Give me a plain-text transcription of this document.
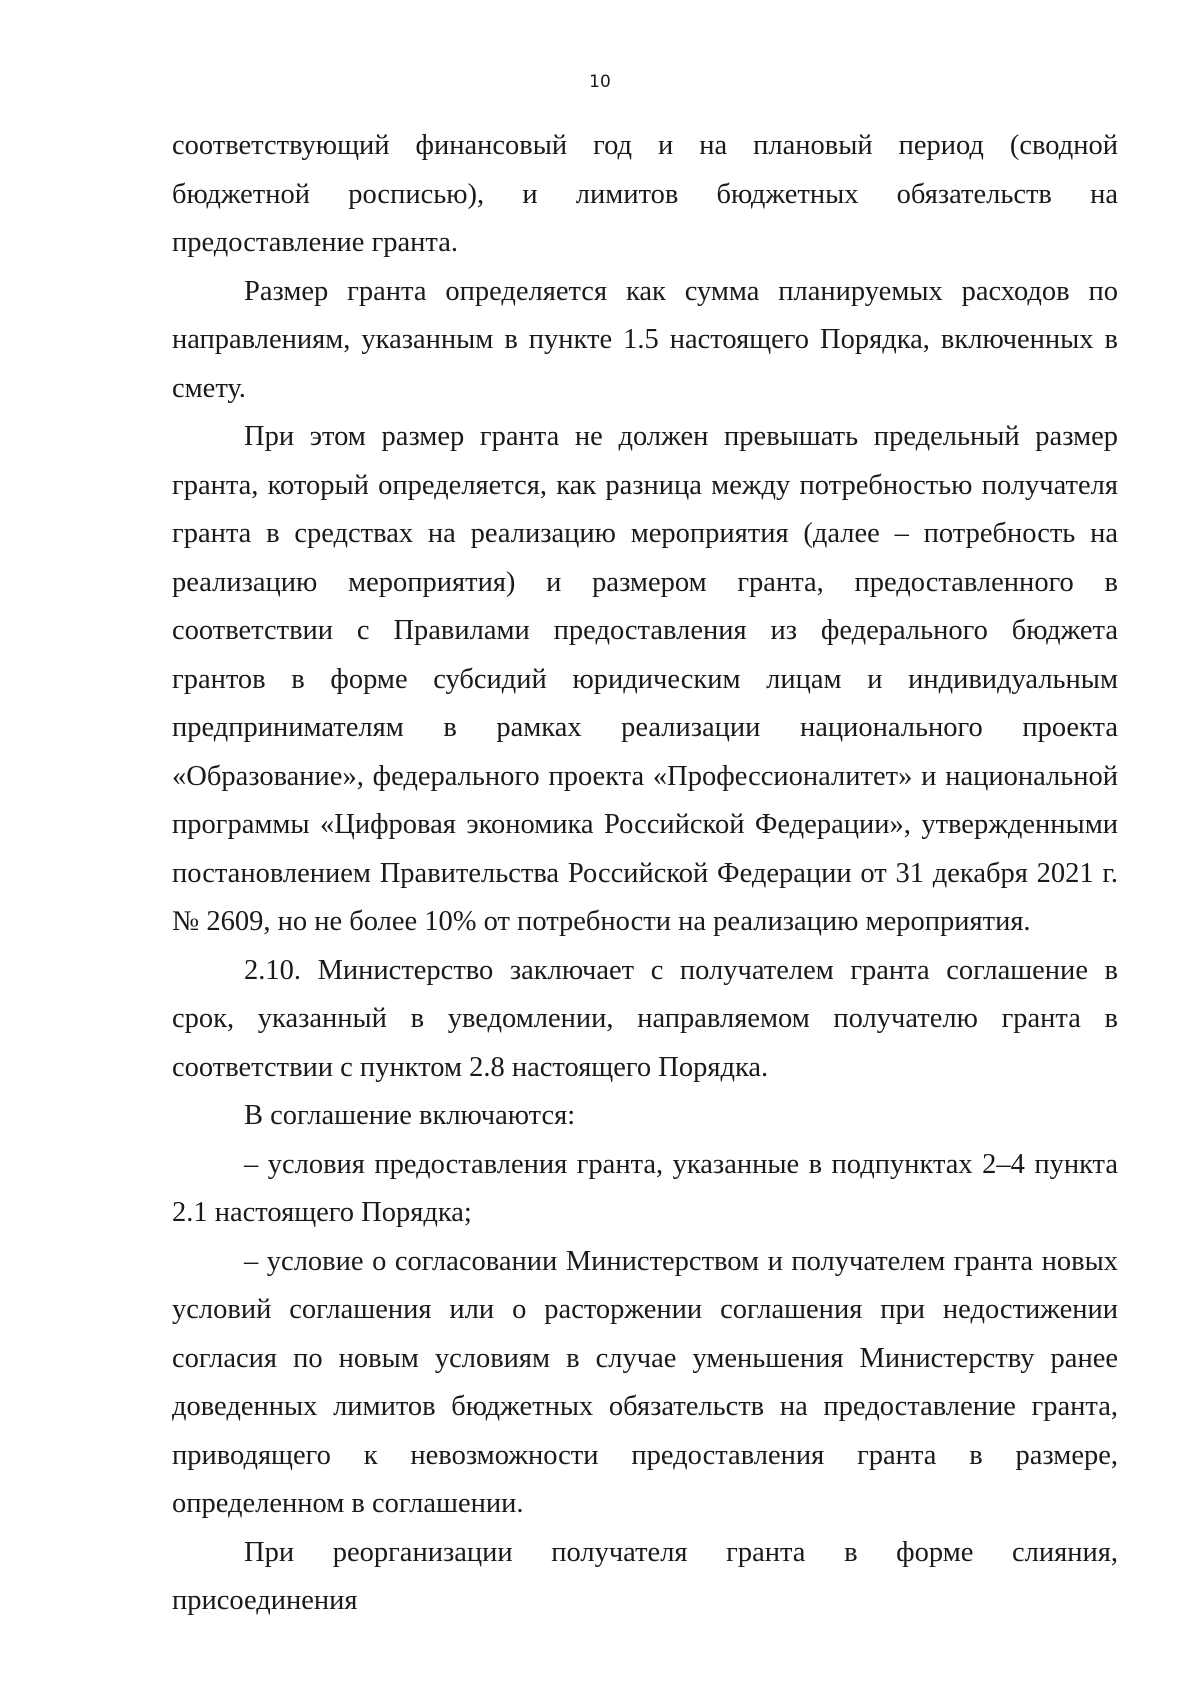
10

соответствующий финансовый год и на плановый период (сводной бюджетной росписью), и лимитов бюджетных обязательств на предоставление гранта.

Размер гранта определяется как сумма планируемых расходов по направлениям, указанным в пункте 1.5 настоящего Порядка, включенных в смету.

При этом размер гранта не должен превышать предельный размер гранта, который определяется, как разница между потребностью получателя гранта в средствах на реализацию мероприятия (далее – потребность на реализацию мероприятия) и размером гранта, предоставленного в соответствии с Правилами предоставления из федерального бюджета грантов в форме субсидий юридическим лицам и индивидуальным предпринимателям в рамках реализации национального проекта «Образование», федерального проекта «Профессионалитет» и национальной программы «Цифровая экономика Российской Федерации», утвержденными постановлением Правительства Российской Федерации от 31 декабря 2021 г. № 2609, но не более 10% от потребности на реализацию мероприятия.

2.10. Министерство заключает с получателем гранта соглашение в срок, указанный в уведомлении, направляемом получателю гранта в соответствии с пунктом 2.8 настоящего Порядка.

В соглашение включаются:

– условия предоставления гранта, указанные в подпунктах 2–4 пункта 2.1 настоящего Порядка;

– условие о согласовании Министерством и получателем гранта новых условий соглашения или о расторжении соглашения при недостижении согласия по новым условиям в случае уменьшения Министерству ранее доведенных лимитов бюджетных обязательств на предоставление гранта, приводящего к невозможности предоставления гранта в размере, определенном в соглашении.

При реорганизации получателя гранта в форме слияния, присоединения
